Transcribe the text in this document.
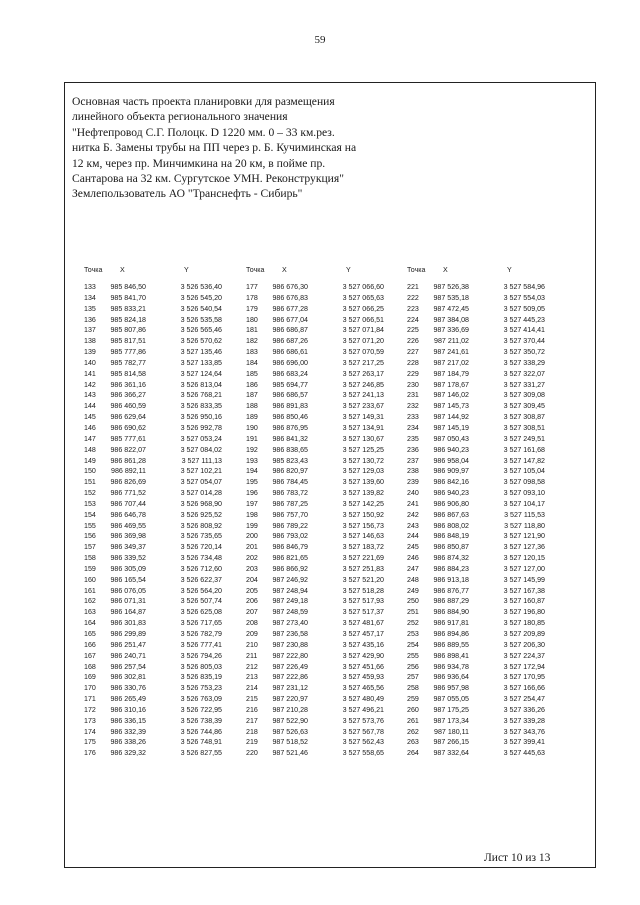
59
Основная часть проекта планировки для размещения
линейного объекта регионального значения
"Нефтепровод С.Г. Полоцк. D 1220 мм. 0 – 33 км.рез.
нитка Б. Замены трубы на ПП через р. Б. Кучиминская на
12 км, через пр. Минчимкина на 20 км, в пойме пр.
Сантарова на 32 км. Сургутское УМН. Реконструкция"
Землепользователь АО "Транснефть - Сибирь"
Точка X	Y
133 985 846,50	3 526 536,40
134 985 841,70	3 526 545,20
135 985 833,21	3 526 540,54
136 985 824,18	3 526 535,58
137 985 807,86	3 526 565,46
138 985 817,51	3 526 570,62
139 985 777,86	3 527 135,46
140 985 782,77	3 527 133,85
141 985 814,58	3 527 124,64
142 986 361,16	3 526 813,04
143 986 366,27	3 526 768,21
144 986 460,59	3 526 833,35
145 986 629,64	3 526 950,16
146 986 690,62	3 526 992,78
147 985 777,61	3 527 053,24
148 986 822,07	3 527 084,02
149 986 861,28	3 527 111,13
150 986 892,11	3 527 102,21
151 986 826,69	3 527 054,07
152 986 771,52	3 527 014,28
153 986 707,44	3 526 968,90
154 986 646,78	3 526 925,52
155 986 469,55	3 526 808,92
156 986 369,98	3 526 735,65
157 986 349,37	3 526 720,14
158 986 339,52	3 526 734,48
159 986 305,09	3 526 712,60
160 986 165,54	3 526 622,37
161 986 076,05	3 526 564,20
162 986 071,31	3 526 507,74
163 986 164,87	3 526 625,08
164 986 301,83	3 526 717,65
165 986 299,89	3 526 782,79
166 986 251,47	3 526 777,41
167 986 240,71	3 526 794,26
168 986 257,54	3 526 805,03
169 986 302,81	3 526 835,19
170 986 330,76	3 526 753,23
171 986 265,49	3 526 763,09
172 986 310,16	3 526 722,95
173 986 336,15	3 526 738,39
174 986 332,39	3 526 744,86
175 986 338,26	3 526 748,91
176 986 329,32	3 526 827,55
Точка X	Y
177 986 676,30	3 527 066,60
178 986 676,83	3 527 065,63
179 986 677,28	3 527 066,25
180 986 677,04	3 527 066,51
181 986 686,87	3 527 071,84
182 986 687,26	3 527 071,20
183 986 686,61	3 527 070,59
184 986 696,00	3 527 217,25
185 986 683,24	3 527 263,17
186 985 694,77	3 527 246,85
187 986 686,57	3 527 241,13
188 986 891,83	3 527 233,67
189 986 850,46	3 527 149,31
190 986 876,95	3 527 134,91
191 986 841,32	3 527 130,67
192 986 838,65	3 527 125,25
193 985 823,43	3 527 130,72
194 986 820,97	3 527 129,03
195 986 784,45	3 527 139,60
196 986 783,72	3 527 139,82
197 986 787,25	3 527 142,25
198 986 757,70	3 527 150,92
199 986 789,22	3 527 156,73
200 986 793,02	3 527 146,63
201 986 846,79	3 527 183,72
202 986 821,65	3 527 221,69
203 986 866,92	3 527 251,83
204 987 246,92	3 527 521,20
205 987 248,94	3 527 518,28
206 987 249,18	3 527 517,93
207 987 248,59	3 527 517,37
208 987 273,40	3 527 481,67
209 987 236,58	3 527 457,17
210 987 230,88	3 527 435,16
211 987 222,80	3 527 429,90
212 987 226,49	3 527 451,66
213 987 222,86	3 527 459,93
214 987 231,12	3 527 465,56
215 987 220,97	3 527 480,49
216 987 210,28	3 527 496,21
217 987 522,90	3 527 573,76
218 987 526,63	3 527 567,78
219 987 518,52	3 527 562,43
220 987 521,46	3 527 558,65
Точка X	Y
221 987 526,38	3 527 584,96
222 987 535,18	3 527 554,03
223 987 472,45	3 527 509,05
224 987 384,08	3 527 445,23
225 987 336,69	3 527 414,41
226 987 211,02	3 527 370,44
227 987 241,61	3 527 350,72
228 987 217,02	3 527 338,29
229 987 184,79	3 527 322,07
230 987 178,67	3 527 331,27
231 987 146,02	3 527 309,08
232 987 145,73	3 527 309,45
233 987 144,92	3 527 308,87
234 987 145,19	3 527 308,51
235 987 050,43	3 527 249,51
236 986 940,23	3 527 161,68
237 986 958,04	3 527 147,82
238 986 909,97	3 527 105,04
239 986 842,16	3 527 098,58
240 986 940,23	3 527 093,10
241 986 906,80	3 527 104,17
242 986 867,63	3 527 115,53
243 986 808,02	3 527 118,80
244 986 848,19	3 527 121,90
245 986 850,87	3 527 127,36
246 986 874,32	3 527 120,15
247 986 884,23	3 527 127,00
248 986 913,18	3 527 145,99
249 986 876,77	3 527 167,38
250 986 887,29	3 527 160,87
251 986 884,90	3 527 196,80
252 986 917,81	3 527 180,85
253 986 894,86	3 527 209,89
254 986 889,55	3 527 206,30
255 986 898,41	3 527 224,37
256 986 934,78	3 527 172,94
257 986 936,64	3 527 170,95
258 986 957,98	3 527 166,66
259 987 055,05	3 527 254,47
260 987 175,25	3 527 336,26
261 987 173,34	3 527 339,28
262 987 180,11	3 527 343,76
263 987 266,15	3 527 399,41
264 987 332,64	3 527 445,63
Лист 10 из 13
